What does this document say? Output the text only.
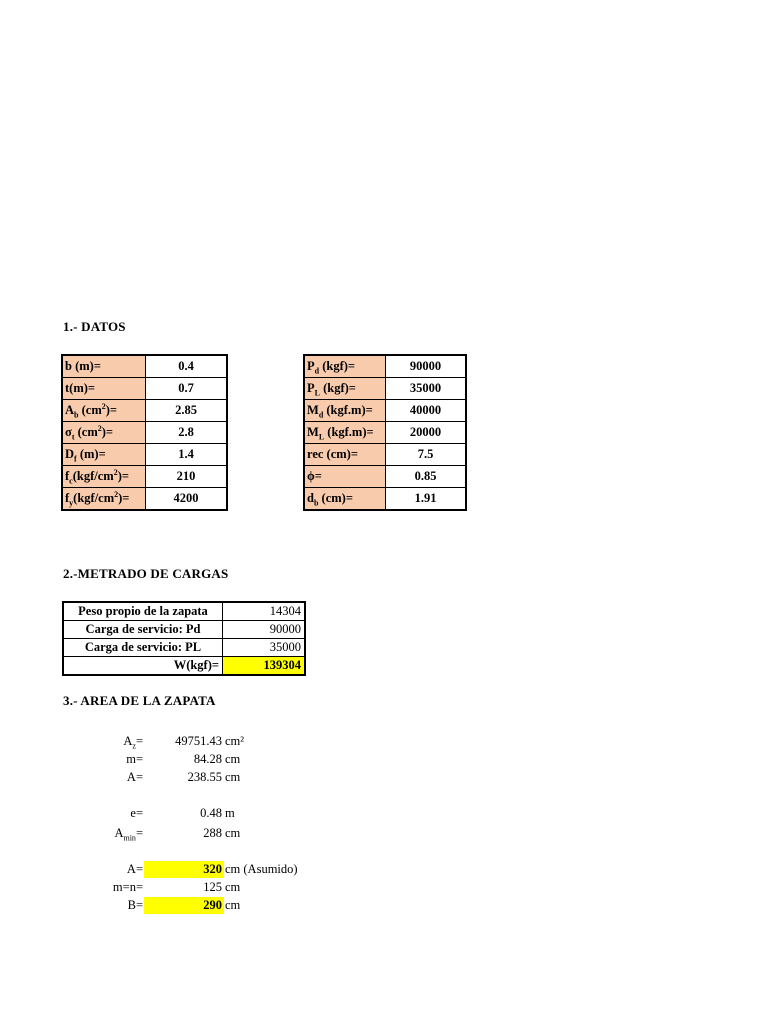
1.- DATOS
b (m)=	0.4
t(m)=	0.7
$A_b$ $(cm^2)=$	2.85
$\sigma_t$ $(cm^2)=$	2.8
$D_f$ (m)=	1.4
$f_c(kgf/cm^2)=$	210
$f_y(kgf/cm^2)=$	4200
$P_d$ (kgf)=	90000
$P_L$ (kgf)=	35000
$M_d$ (kgf.m)=	40000
$M_L$ (kgf.m)=	20000
rec (cm)=	7.5
ϕ=	0.85
$d_b$ (cm)=	1.91
2.-METRADO DE CARGAS
Peso propio de la zapata	14304
Carga de servicio: Pd	90000
Carga de servicio: PL	35000
W(kgf)=	139304
3.- AREA DE LA ZAPATA
$A_z=$	49751.43 cm²
m=	84.28 cm
A=	238.55 cm
e=	0.48 m
$A_{min}=$	288 cm
A=	320 cm (Asumido)
m=n=	125 cm
B=	290 cm
